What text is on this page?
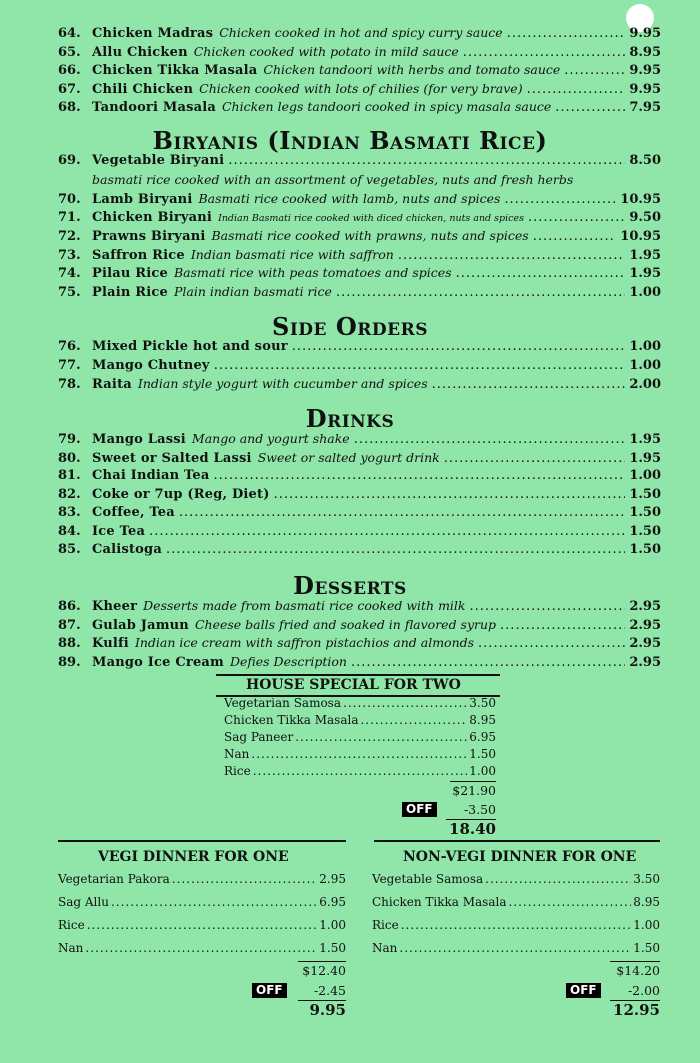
64. Chicken Madras Chicken cooked in hot and spicy curry sauce .....	9.95
65. Allu Chicken Chicken cooked with potato in mild sauce .....	8.95
66. Chicken Tikka Masala Chicken tandoori with herbs and tomato sauce .....	9.95
67. Chili Chicken Chicken cooked with lots of chilies (for very brave) .....	9.95
68. Tandoori Masala Chicken legs tandoori cooked in spicy masala sauce .....	7.95
Biryanis (Indian Basmati Rice)
69. Vegetable Biryani .....	8.50
70. Lamb Biryani Basmati rice cooked with lamb, nuts and spices .....	10.95
71. Chicken Biryani Indian Basmati rice cooked with diced chicken, nuts and spices .....	9.50
72. Prawns Biryani Basmati rice cooked with prawns, nuts and spices .....	10.95
73. Saffron Rice Indian basmati rice with saffron .....	1.95
74. Pilau Rice Basmati rice with peas tomatoes and spices .....	1.95
75. Plain Rice Plain indian basmati rice .....	1.00
basmati rice cooked with an assortment of vegetables, nuts and fresh herbs
Side Orders
76. Mixed Pickle hot and sour .....	1.00
77. Mango Chutney .....	1.00
78. Raita Indian style yogurt with cucumber and spices .....	2.00
Drinks
79. Mango Lassi Mango and yogurt shake .....	1.95
80. Sweet or Salted Lassi Sweet or salted yogurt drink .....	1.95
81. Chai Indian Tea .....	1.00
82. Coke or 7up (Reg, Diet) .....	1.50
83. Coffee, Tea .....	1.50
84. Ice Tea .....	1.50
85. Calistoga .....	1.50
Desserts
86. Kheer Desserts made from basmati rice cooked with milk .....	2.95
87. Gulab Jamun Cheese balls fried and soaked in flavored syrup .....	2.95
88. Kulfi Indian ice cream with saffron pistachios and almonds .....	2.95
89. Mango Ice Cream Defies Description .....	2.95
HOUSE SPECIAL FOR TWO
Vegetarian Samosa .....	3.50
Chicken Tikka Masala .....	8.95
Sag Paneer .....	6.95
Nan .....	1.50
Rice .....	1.00
$21.90
OFF	-3.50
18.40
VEGI DINNER FOR ONE
Vegetarian Pakora .....	2.95
Sag Allu .....	6.95
Rice .....	1.00
Nan .....	1.50
$12.40
OFF	-2.45
9.95
NON-VEGI DINNER FOR ONE
Vegetable Samosa .....	3.50
Chicken Tikka Masala .....	8.95
Rice .....	1.00
Nan .....	1.50
$14.20
OFF	-2.00
12.95
